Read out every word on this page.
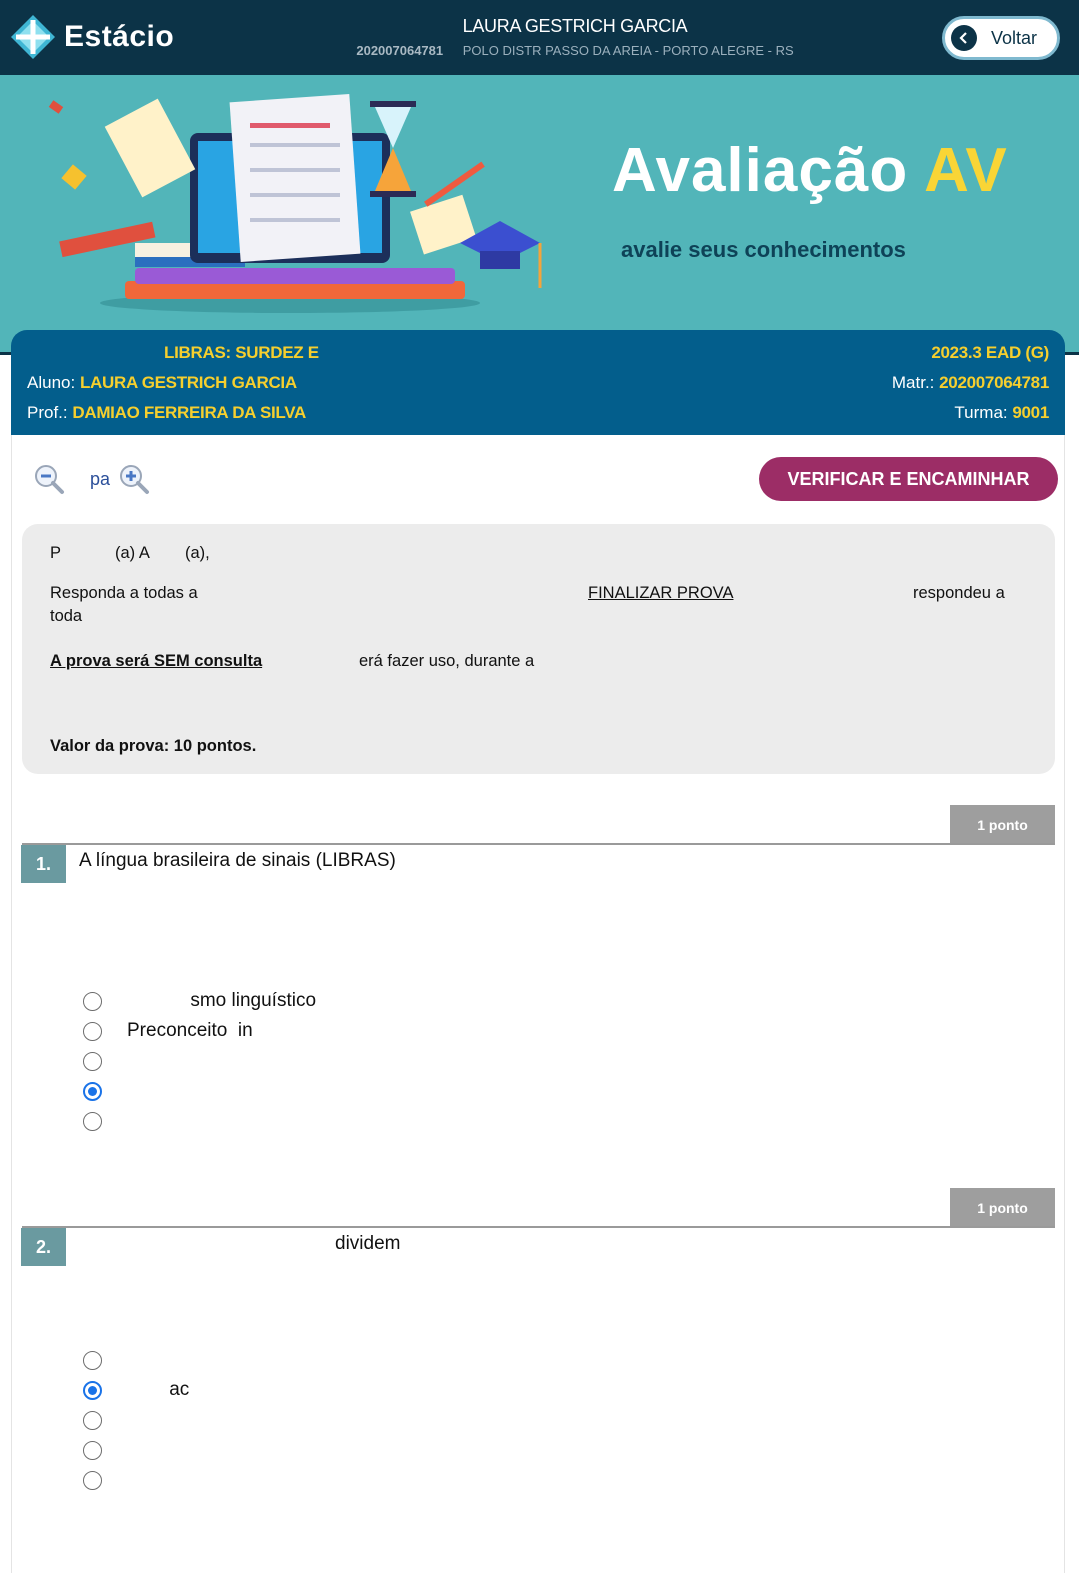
Estácio	LAURA GESTRICH GARCIA
202007064781 POLO DISTR PASSO DA AREIA - PORTO ALEGRE - RS
Voltar
Avaliação AV
avalie seus conhecimentos
LIBRAS: SURDEZ E	2023.3 EAD (G)
Aluno: LAURA GESTRICH GARCIA	Matr.: 202007064781
Prof.: DAMIAO FERREIRA DA SILVA	Turma: 9001
pa	VERIFICAR E ENCAMINHAR
P	(a) A (a),
Responda a todas a	FINALIZAR PROVA	respondeu a
toda
A prova será SEM consulta	erá fazer uso, durante a
Valor da prova: 10 pontos.
1 ponto
1.	A língua brasileira de sinais (LIBRAS)
smo linguístico
Preconceito  in
1 ponto
2.	dividem
ac
